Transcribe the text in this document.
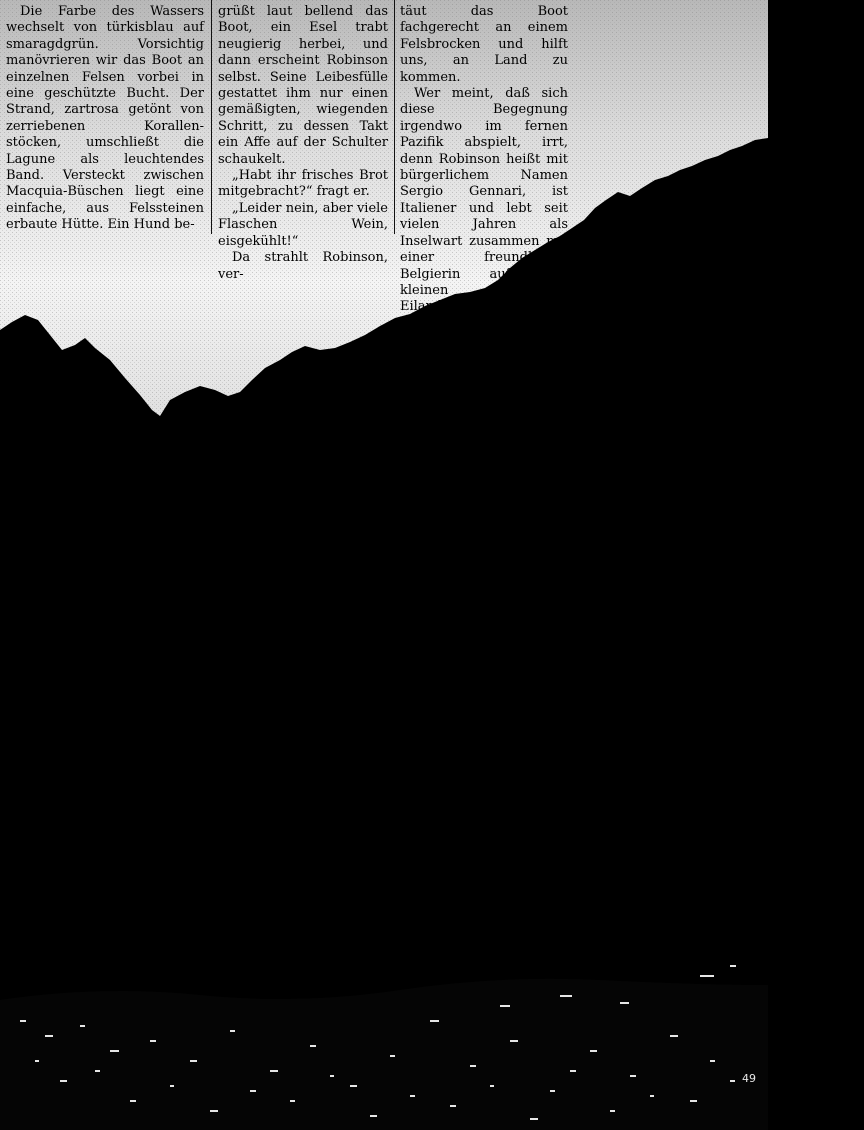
Die Farbe des Wassers wechselt von türkisblau auf smaragdgrün. Vorsichtig manövrieren wir das Boot an einzelnen Felsen vorbei in eine geschützte Bucht. Der Strand, zartrosa getönt von zerriebenen Korallen-stöcken, umschließt die Lagune als leuchtendes Band. Versteckt zwischen Macquia-Büschen liegt eine einfache, aus Felssteinen erbaute Hütte. Ein Hund be-

grüßt laut bellend das Boot, ein Esel trabt neugierig herbei, und dann erscheint Robinson selbst. Seine Leibesfülle gestattet ihm nur einen gemäßigten, wiegenden Schritt, zu dessen Takt ein Affe auf der Schulter schaukelt.

„Habt ihr frisches Brot mitgebracht?“ fragt er.

„Leider nein, aber viele Flaschen Wein, eisgekühlt!“

Da strahlt Robinson, ver-

täut das Boot fachgerecht an einem Felsbrocken und hilft uns, an Land zu kommen.

Wer meint, daß sich diese Begegnung irgendwo im fernen Pazifik abspielt, irrt, denn Robinson heißt mit bürgerlichem Namen Sergio Gennari, ist Italiener und lebt seit vielen Jahren als Inselwart zusammen mit einer freundlichen Belgierin auf dem kleinen Mittelmeer-Eiland Budelli, das

49
